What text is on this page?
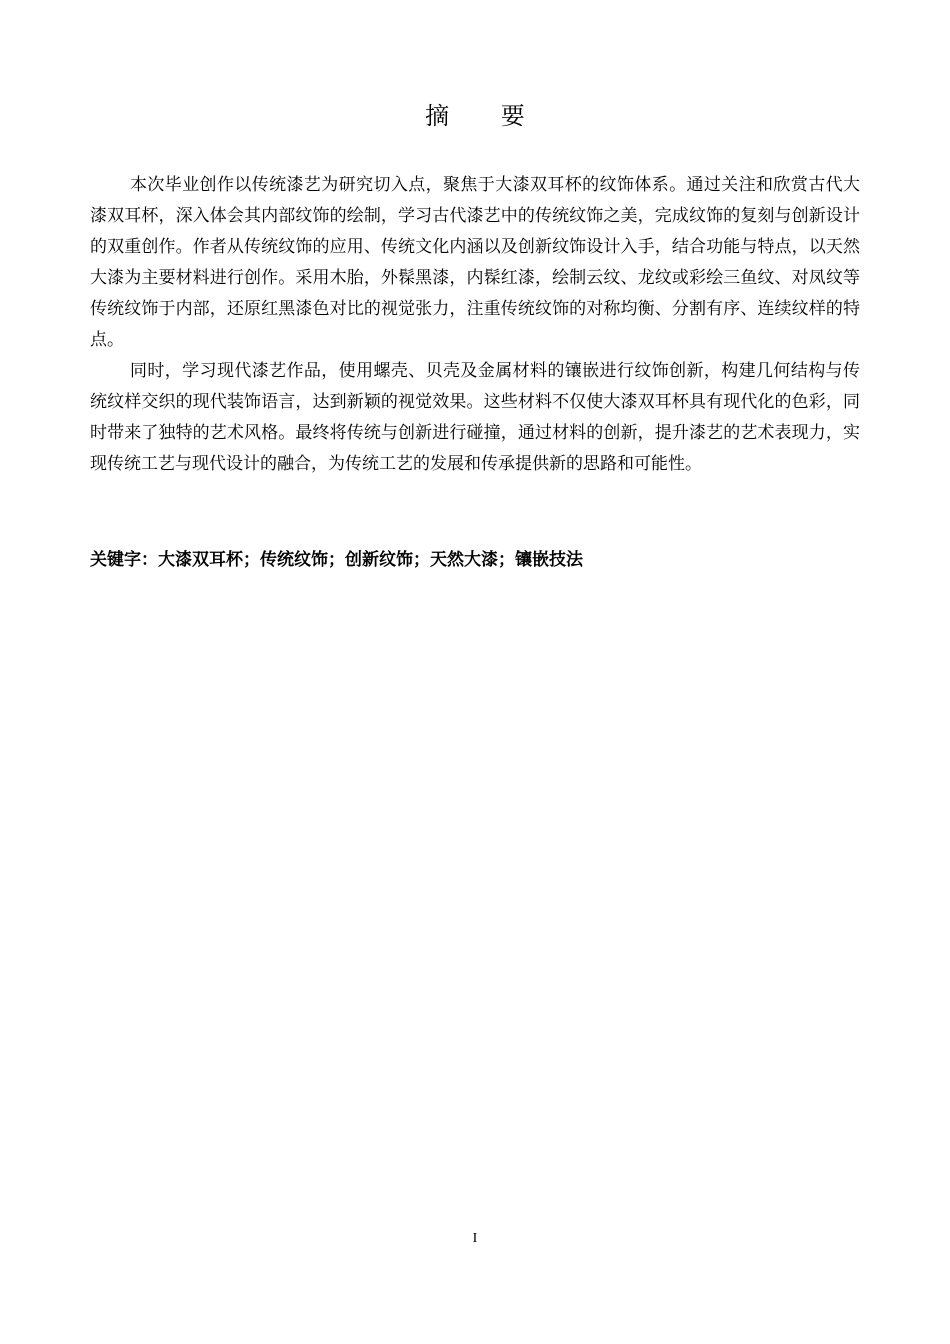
摘 要

本次毕业创作以传统漆艺为研究切入点，聚焦于大漆双耳杯的纹饰体系。通过关注和欣赏古代大漆双耳杯，深入体会其内部纹饰的绘制，学习古代漆艺中的传统纹饰之美，完成纹饰的复刻与创新设计的双重创作。作者从传统纹饰的应用、传统文化内涵以及创新纹饰设计入手，结合功能与特点，以天然大漆为主要材料进行创作。采用木胎，外髹黑漆，内髹红漆，绘制云纹、龙纹或彩绘三鱼纹、对凤纹等传统纹饰于内部，还原红黑漆色对比的视觉张力，注重传统纹饰的对称均衡、分割有序、连续纹样的特点。

同时，学习现代漆艺作品，使用螺壳、贝壳及金属材料的镶嵌进行纹饰创新，构建几何结构与传统纹样交织的现代装饰语言，达到新颖的视觉效果。这些材料不仅使大漆双耳杯具有现代化的色彩，同时带来了独特的艺术风格。最终将传统与创新进行碰撞，通过材料的创新，提升漆艺的艺术表现力，实现传统工艺与现代设计的融合，为传统工艺的发展和传承提供新的思路和可能性。

关键字：大漆双耳杯；传统纹饰；创新纹饰；天然大漆；镶嵌技法
I
